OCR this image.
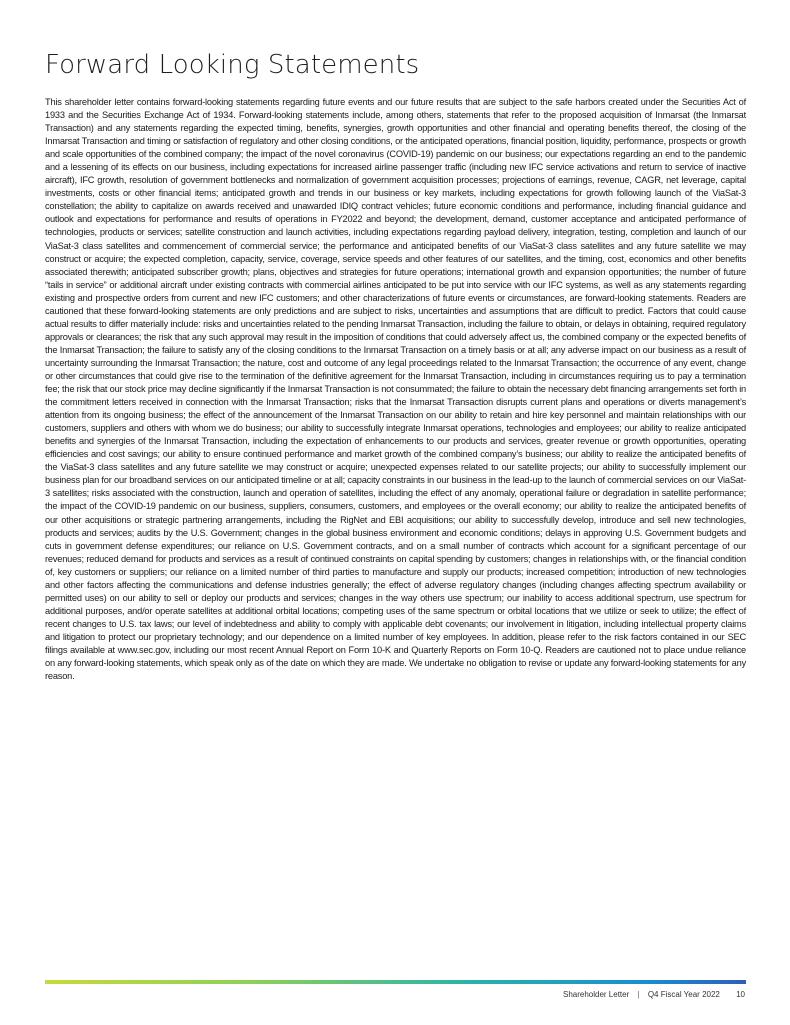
Forward Looking Statements

This shareholder letter contains forward-looking statements regarding future events and our future results that are subject to the safe harbors created under the Securities Act of 1933 and the Securities Exchange Act of 1934. Forward-looking statements include, among others, statements that refer to the proposed acquisition of Inmarsat (the Inmarsat Transaction) and any statements regarding the expected timing, benefits, synergies, growth opportunities and other financial and operating benefits thereof, the closing of the Inmarsat Transaction and timing or satisfaction of regulatory and other closing conditions, or the anticipated operations, financial position, liquidity, performance, prospects or growth and scale opportunities of the combined company; the impact of the novel coronavirus (COVID-19) pandemic on our business; our expectations regarding an end to the pandemic and a lessening of its effects on our business, including expectations for increased airline passenger traffic (including new IFC service activations and return to service of inactive aircraft), IFC growth, resolution of government bottlenecks and normalization of government acquisition processes; projections of earnings, revenue, CAGR, net leverage, capital investments, costs or other financial items; anticipated growth and trends in our business or key markets, including expectations for growth following launch of the ViaSat-3 constellation; the ability to capitalize on awards received and unawarded IDIQ contract vehicles; future economic conditions and performance, including financial guidance and outlook and expectations for performance and results of operations in FY2022 and beyond; the development, demand, customer acceptance and anticipated performance of technologies, products or services; satellite construction and launch activities, including expectations regarding payload delivery, integration, testing, completion and launch of our ViaSat-3 class satellites and commencement of commercial service; the performance and anticipated benefits of our ViaSat-3 class satellites and any future satellite we may construct or acquire; the expected completion, capacity, service, coverage, service speeds and other features of our satellites, and the timing, cost, economics and other benefits associated therewith; anticipated subscriber growth; plans, objectives and strategies for future operations; international growth and expansion opportunities; the number of future “tails in service” or additional aircraft under existing contracts with commercial airlines anticipated to be put into service with our IFC systems, as well as any statements regarding existing and prospective orders from current and new IFC customers; and other characterizations of future events or circumstances, are forward-looking statements. Readers are cautioned that these forward-looking statements are only predictions and are subject to risks, uncertainties and assumptions that are difficult to predict. Factors that could cause actual results to differ materially include: risks and uncertainties related to the pending Inmarsat Transaction, including the failure to obtain, or delays in obtaining, required regulatory approvals or clearances; the risk that any such approval may result in the imposition of conditions that could adversely affect us, the combined company or the expected benefits of the Inmarsat Transaction; the failure to satisfy any of the closing conditions to the Inmarsat Transaction on a timely basis or at all; any adverse impact on our business as a result of uncertainty surrounding the Inmarsat Transaction; the nature, cost and outcome of any legal proceedings related to the Inmarsat Transaction; the occurrence of any event, change or other circumstances that could give rise to the termination of the definitive agreement for the Inmarsat Transaction, including in circumstances requiring us to pay a termination fee; the risk that our stock price may decline significantly if the Inmarsat Transaction is not consummated; the failure to obtain the necessary debt financing arrangements set forth in the commitment letters received in connection with the Inmarsat Transaction; risks that the Inmarsat Transaction disrupts current plans and operations or diverts management’s attention from its ongoing business; the effect of the announcement of the Inmarsat Transaction on our ability to retain and hire key personnel and maintain relationships with our customers, suppliers and others with whom we do business; our ability to successfully integrate Inmarsat operations, technologies and employees; our ability to realize anticipated benefits and synergies of the Inmarsat Transaction, including the expectation of enhancements to our products and services, greater revenue or growth opportunities, operating efficiencies and cost savings; our ability to ensure continued performance and market growth of the combined company’s business; our ability to realize the anticipated benefits of the ViaSat-3 class satellites and any future satellite we may construct or acquire; unexpected expenses related to our satellite projects; our ability to successfully implement our business plan for our broadband services on our anticipated timeline or at all; capacity constraints in our business in the lead-up to the launch of commercial services on our ViaSat-3 satellites; risks associated with the construction, launch and operation of satellites, including the effect of any anomaly, operational failure or degradation in satellite performance; the impact of the COVID-19 pandemic on our business, suppliers, consumers, customers, and employees or the overall economy; our ability to realize the anticipated benefits of our other acquisitions or strategic partnering arrangements, including the RigNet and EBI acquisitions; our ability to successfully develop, introduce and sell new technologies, products and services; audits by the U.S. Government; changes in the global business environment and economic conditions; delays in approving U.S. Government budgets and cuts in government defense expenditures; our reliance on U.S. Government contracts, and on a small number of contracts which account for a significant percentage of our revenues; reduced demand for products and services as a result of continued constraints on capital spending by customers; changes in relationships with, or the financial condition of, key customers or suppliers; our reliance on a limited number of third parties to manufacture and supply our products; increased competition; introduction of new technologies and other factors affecting the communications and defense industries generally; the effect of adverse regulatory changes (including changes affecting spectrum availability or permitted uses) on our ability to sell or deploy our products and services; changes in the way others use spectrum; our inability to access additional spectrum, use spectrum for additional purposes, and/or operate satellites at additional orbital locations; competing uses of the same spectrum or orbital locations that we utilize or seek to utilize; the effect of recent changes to U.S. tax laws; our level of indebtedness and ability to comply with applicable debt covenants; our involvement in litigation, including intellectual property claims and litigation to protect our proprietary technology; and our dependence on a limited number of key employees. In addition, please refer to the risk factors contained in our SEC filings available at www.sec.gov, including our most recent Annual Report on Form 10-K and Quarterly Reports on Form 10-Q. Readers are cautioned not to place undue reliance on any forward-looking statements, which speak only as of the date on which they are made. We undertake no obligation to revise or update any forward-looking statements for any reason.

Shareholder Letter | Q4 Fiscal Year 2022 10
